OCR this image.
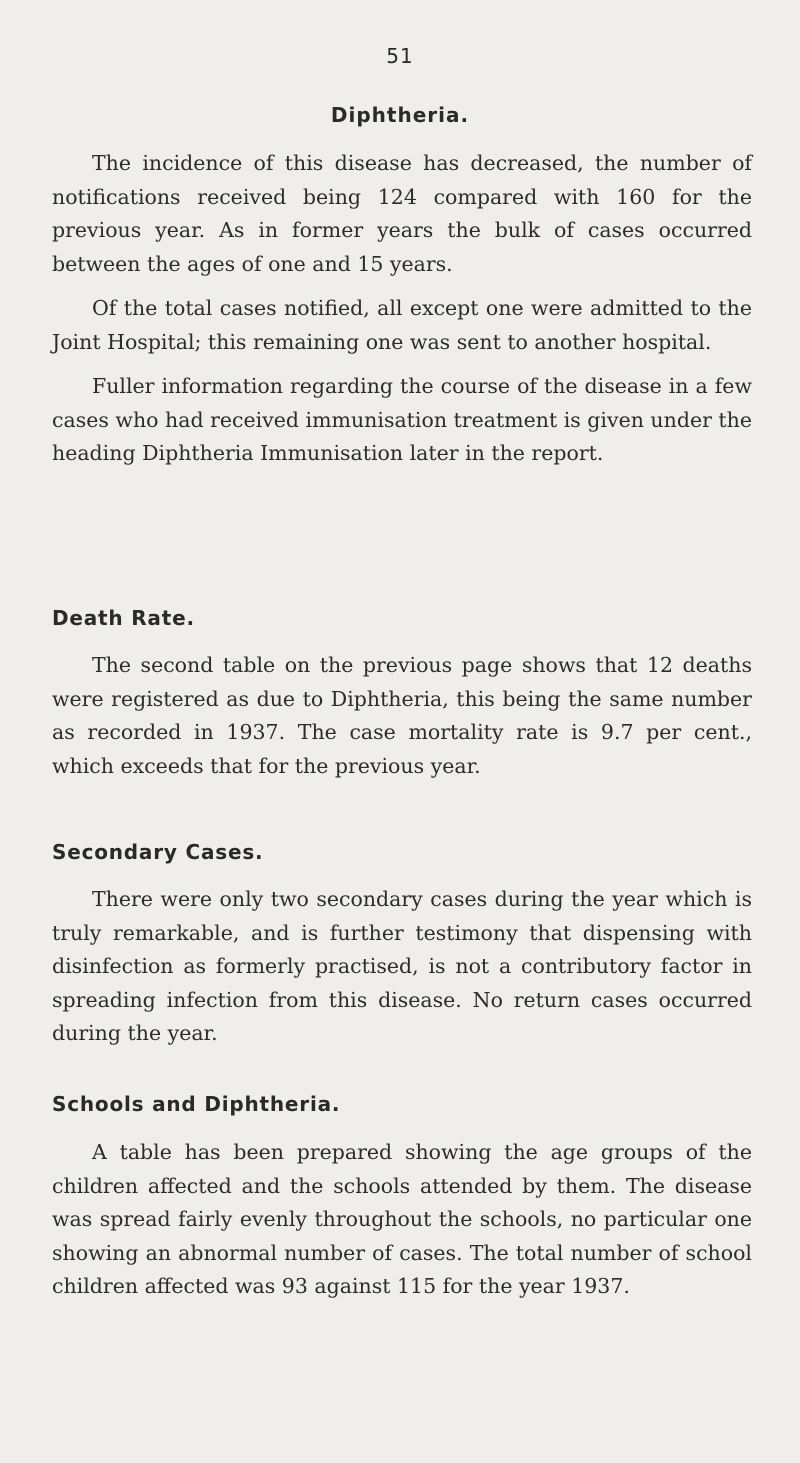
51
Diphtheria.

The incidence of this disease has decreased, the number of notifications received being 124 compared with 160 for the previous year. As in former years the bulk of cases occurred between the ages of one and 15 years.

Of the total cases notified, all except one were admitted to the Joint Hospital; this remaining one was sent to another hospital.

Fuller information regarding the course of the disease in a few cases who had received immunisation treatment is given under the heading Diphtheria Immunisation later in the report.

Death Rate.

The second table on the previous page shows that 12 deaths were registered as due to Diphtheria, this being the same number as recorded in 1937. The case mortality rate is 9.7 per cent., which exceeds that for the previous year.

Secondary Cases.

There were only two secondary cases during the year which is truly remarkable, and is further testimony that dispensing with disinfection as formerly practised, is not a contributory factor in spreading infection from this disease. No return cases occurred during the year.

Schools and Diphtheria.

A table has been prepared showing the age groups of the children affected and the schools attended by them. The disease was spread fairly evenly throughout the schools, no particular one showing an abnormal number of cases. The total number of school children affected was 93 against 115 for the year 1937.
